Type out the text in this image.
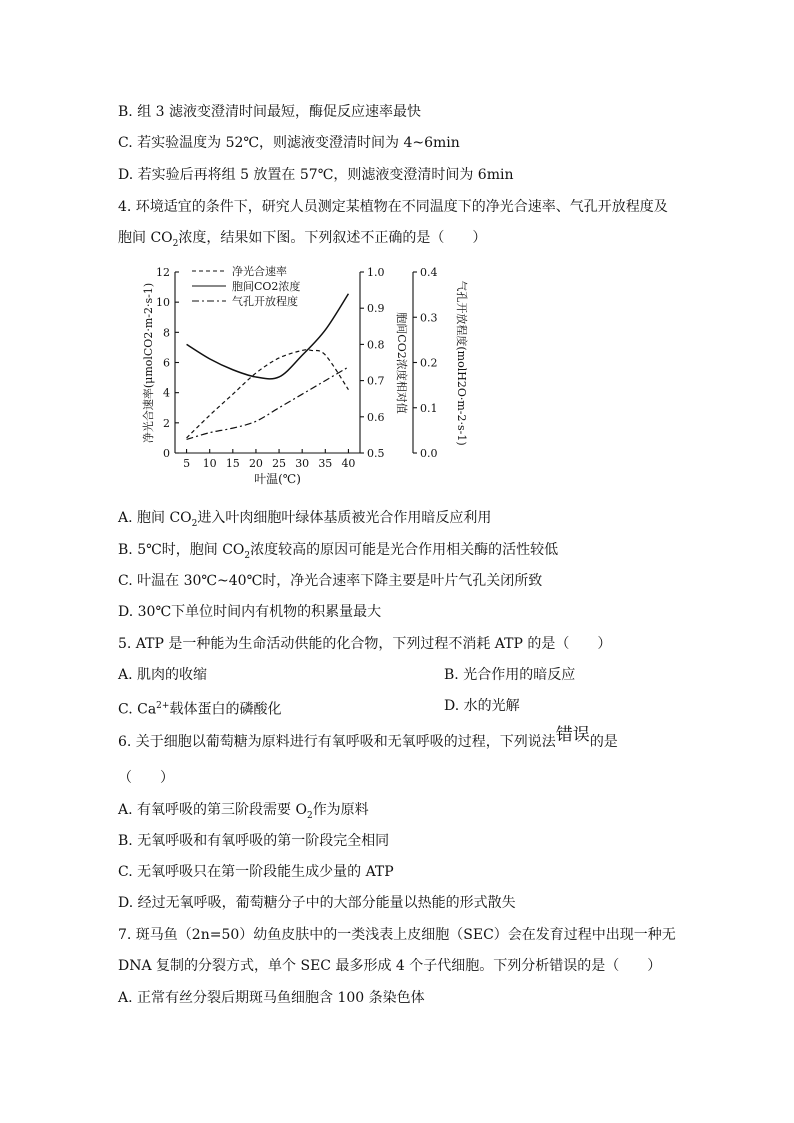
B. 组 3 滤液变澄清时间最短，酶促反应速率最快
C. 若实验温度为 52℃，则滤液变澄清时间为 4~6min
D. 若实验后再将组 5 放置在 57℃，则滤液变澄清时间为 6min
4. 环境适宜的条件下，研究人员测定某植物在不同温度下的净光合速率、气孔开放程度及
胞间 $CO_2$浓度，结果如下图。下列叙述不正确的是（　　）
5 10 15 20 25 30 35 40
0
2
4
6
8
10
12
0.5
0.6
0.7
0.8
0.9
1.0
0.0
0.1
0.2
0.3
0.4
叶温(℃)
净光合速率(μmolCO2·m-2·s-1)	胞间CO2浓度相对值	气孔开放程度(molH2O·m-2·s-1)
净光合速率
胞间CO2浓度
气孔开放程度
A. 胞间 $CO_2$进入叶肉细胞叶绿体基质被光合作用暗反应利用
B. 5℃时，胞间 $CO_2$浓度较高的原因可能是光合作用相关酶的活性较低
C. 叶温在 30℃~40℃时，净光合速率下降主要是叶片气孔关闭所致
D. 30℃下单位时间内有机物的积累量最大
5. ATP 是一种能为生命活动供能的化合物，下列过程不消耗 ATP 的是（　　）
A. 肌肉的收缩	B. 光合作用的暗反应
C. $Ca^{2+}$载体蛋白的磷酸化	D. 水的光解
6. 关于细胞以葡萄糖为原料进行有氧呼吸和无氧呼吸的过程，下列说法错误的是
（　　）
A. 有氧呼吸的第三阶段需要 $O_2$作为原料
B. 无氧呼吸和有氧呼吸的第一阶段完全相同
C. 无氧呼吸只在第一阶段能生成少量的 ATP
D. 经过无氧呼吸，葡萄糖分子中的大部分能量以热能的形式散失
7. 斑马鱼（2n=50）幼鱼皮肤中的一类浅表上皮细胞（SEC）会在发育过程中出现一种无
DNA 复制的分裂方式，单个 SEC 最多形成 4 个子代细胞。下列分析错误的是（　　）
A. 正常有丝分裂后期斑马鱼细胞含 100 条染色体
